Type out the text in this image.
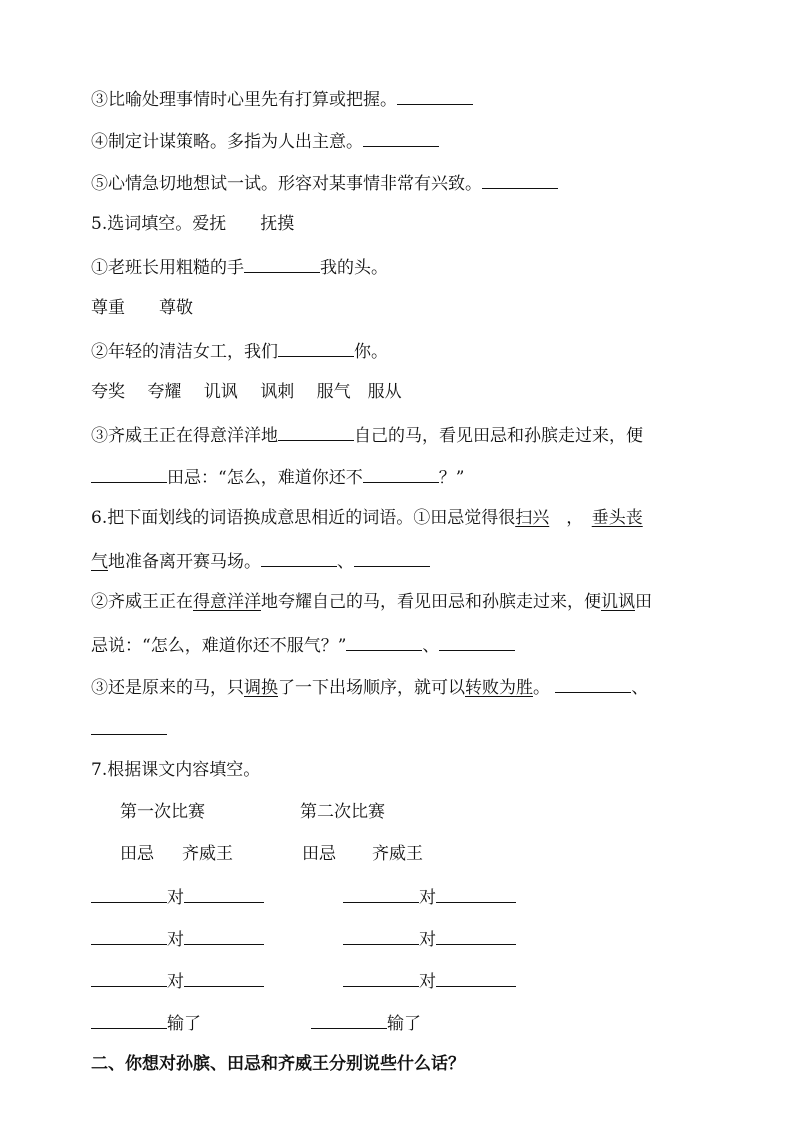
③比喻处理事情时心里先有打算或把握。
④制定计谋策略。多指为人出主意。
⑤心情急切地想试一试。形容对某事情非常有兴致。
5.选词填空。爱抚　　抚摸
①老班长用粗糙的手	我的头。
尊重　　尊敬
②年轻的清洁女工，我们	你。
夸奖　 夸耀　 讥讽　 讽刺　 服气　服从
③齐威王正在得意洋洋地	自己的马，看见田忌和孙膑走过来，便
田忌：“怎么，难道你还不	？”
6.把下面划线的词语换成意思相近的词语。①田忌觉得很扫兴　，　垂头丧
气地准备离开赛马场。	、
②齐威王正在得意洋洋地夸耀自己的马，看见田忌和孙膑走过来，便讥讽田
忌说：“怎么，难道你还不服气？”	、
③还是原来的马，只调换了一下出场顺序，就可以转败为胜。	、
7.根据课文内容填空。
第一次比赛	第二次比赛
田忌 齐威王	田忌 齐威王
对	对
对	对
对	对
输了	输了
二、你想对孙膑、田忌和齐威王分别说些什么话？
